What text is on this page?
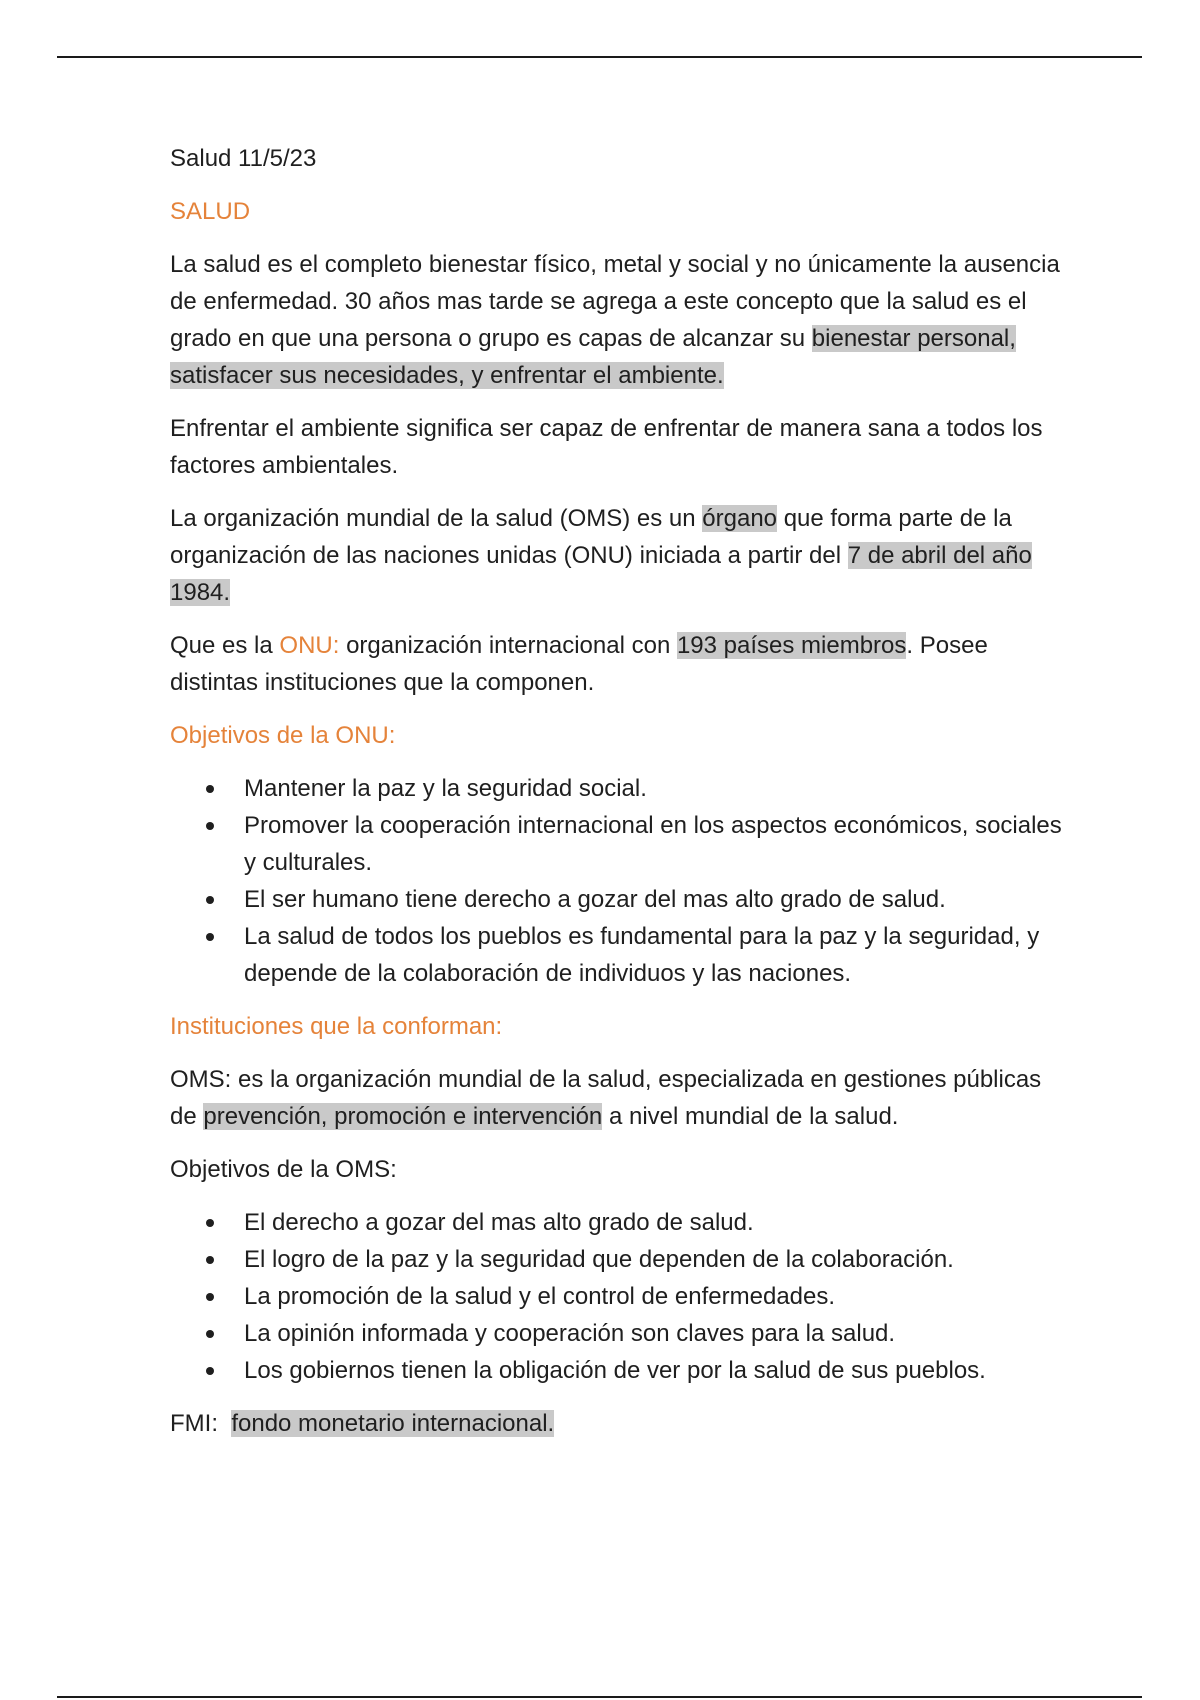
Salud 11/5/23

SALUD

La salud es el completo bienestar físico, metal y social y no únicamente la ausencia de enfermedad. 30 años mas tarde se agrega a este concepto que la salud es el grado en que una persona o grupo es capas de alcanzar su bienestar personal, satisfacer sus necesidades, y enfrentar el ambiente.

Enfrentar el ambiente significa ser capaz de enfrentar de manera sana a todos los factores ambientales.

La organización mundial de la salud (OMS) es un órgano que forma parte de la organización de las naciones unidas (ONU) iniciada a partir del 7 de abril del año 1984.

Que es la ONU: organización internacional con 193 países miembros. Posee distintas instituciones que la componen.

Objetivos de la ONU:

Mantener la paz y la seguridad social.
Promover la cooperación internacional en los aspectos económicos, sociales y culturales.
El ser humano tiene derecho a gozar del mas alto grado de salud.
La salud de todos los pueblos es fundamental para la paz y la seguridad, y depende de la colaboración de individuos y las naciones.

Instituciones que la conforman:

OMS: es la organización mundial de la salud, especializada en gestiones públicas de prevención, promoción e intervención a nivel mundial de la salud.

Objetivos de la OMS:

El derecho a gozar del mas alto grado de salud.
El logro de la paz y la seguridad que dependen de la colaboración.
La promoción de la salud y el control de enfermedades.
La opinión informada y cooperación son claves para la salud.
Los gobiernos tienen la obligación de ver por la salud de sus pueblos.

FMI:  fondo monetario internacional.
